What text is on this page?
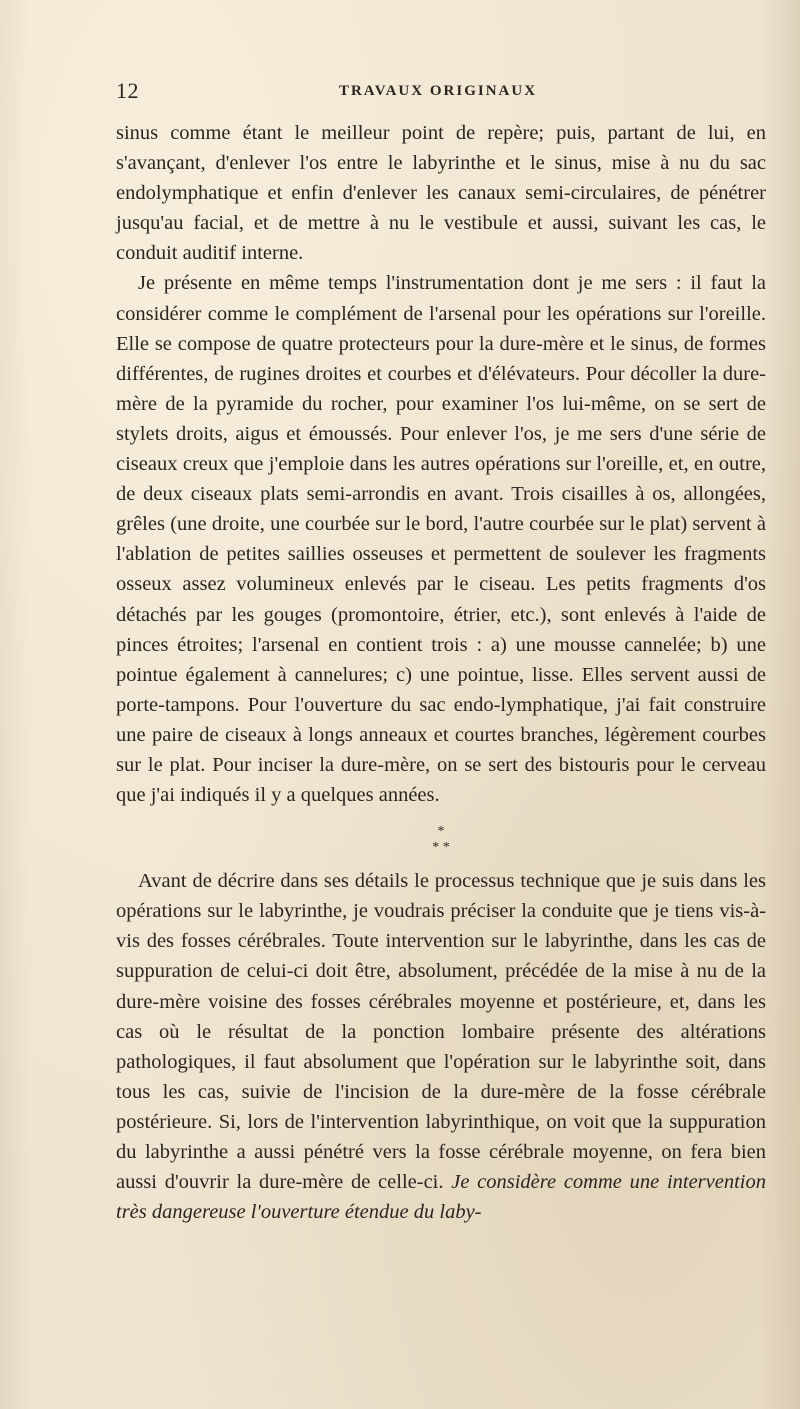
12	TRAVAUX ORIGINAUX

sinus comme étant le meilleur point de repère; puis, partant de lui, en s'avançant, d'enlever l'os entre le labyrinthe et le sinus, mise à nu du sac endolymphatique et enfin d'enlever les canaux semi-circulaires, de pénétrer jusqu'au facial, et de mettre à nu le vestibule et aussi, suivant les cas, le conduit auditif interne.

Je présente en même temps l'instrumentation dont je me sers : il faut la considérer comme le complément de l'arsenal pour les opérations sur l'oreille. Elle se compose de quatre protecteurs pour la dure-mère et le sinus, de formes différentes, de rugines droites et courbes et d'élévateurs. Pour décoller la dure-mère de la pyramide du rocher, pour examiner l'os lui-même, on se sert de stylets droits, aigus et émoussés. Pour enlever l'os, je me sers d'une série de ciseaux creux que j'emploie dans les autres opérations sur l'oreille, et, en outre, de deux ciseaux plats semi-arrondis en avant. Trois cisailles à os, allongées, grêles (une droite, une courbée sur le bord, l'autre courbée sur le plat) servent à l'ablation de petites saillies osseuses et permettent de soulever les fragments osseux assez volumineux enlevés par le ciseau. Les petits fragments d'os détachés par les gouges (promontoire, étrier, etc.), sont enlevés à l'aide de pinces étroites; l'arsenal en contient trois : a) une mousse cannelée; b) une pointue également à cannelures; c) une pointue, lisse. Elles servent aussi de porte-tampons. Pour l'ouverture du sac endo-lymphatique, j'ai fait construire une paire de ciseaux à longs anneaux et courtes branches, légèrement courbes sur le plat. Pour inciser la dure-mère, on se sert des bistouris pour le cerveau que j'ai indiqués il y a quelques années.

*
* *

Avant de décrire dans ses détails le processus technique que je suis dans les opérations sur le labyrinthe, je voudrais préciser la conduite que je tiens vis-à-vis des fosses cérébrales. Toute intervention sur le labyrinthe, dans les cas de suppuration de celui-ci doit être, absolument, précédée de la mise à nu de la dure-mère voisine des fosses cérébrales moyenne et postérieure, et, dans les cas où le résultat de la ponction lombaire présente des altérations pathologiques, il faut absolument que l'opération sur le labyrinthe soit, dans tous les cas, suivie de l'incision de la dure-mère de la fosse cérébrale postérieure. Si, lors de l'intervention labyrinthique, on voit que la suppuration du labyrinthe a aussi pénétré vers la fosse cérébrale moyenne, on fera bien aussi d'ouvrir la dure-mère de celle-ci. Je considère comme une intervention très dangereuse l'ouverture étendue du laby-
